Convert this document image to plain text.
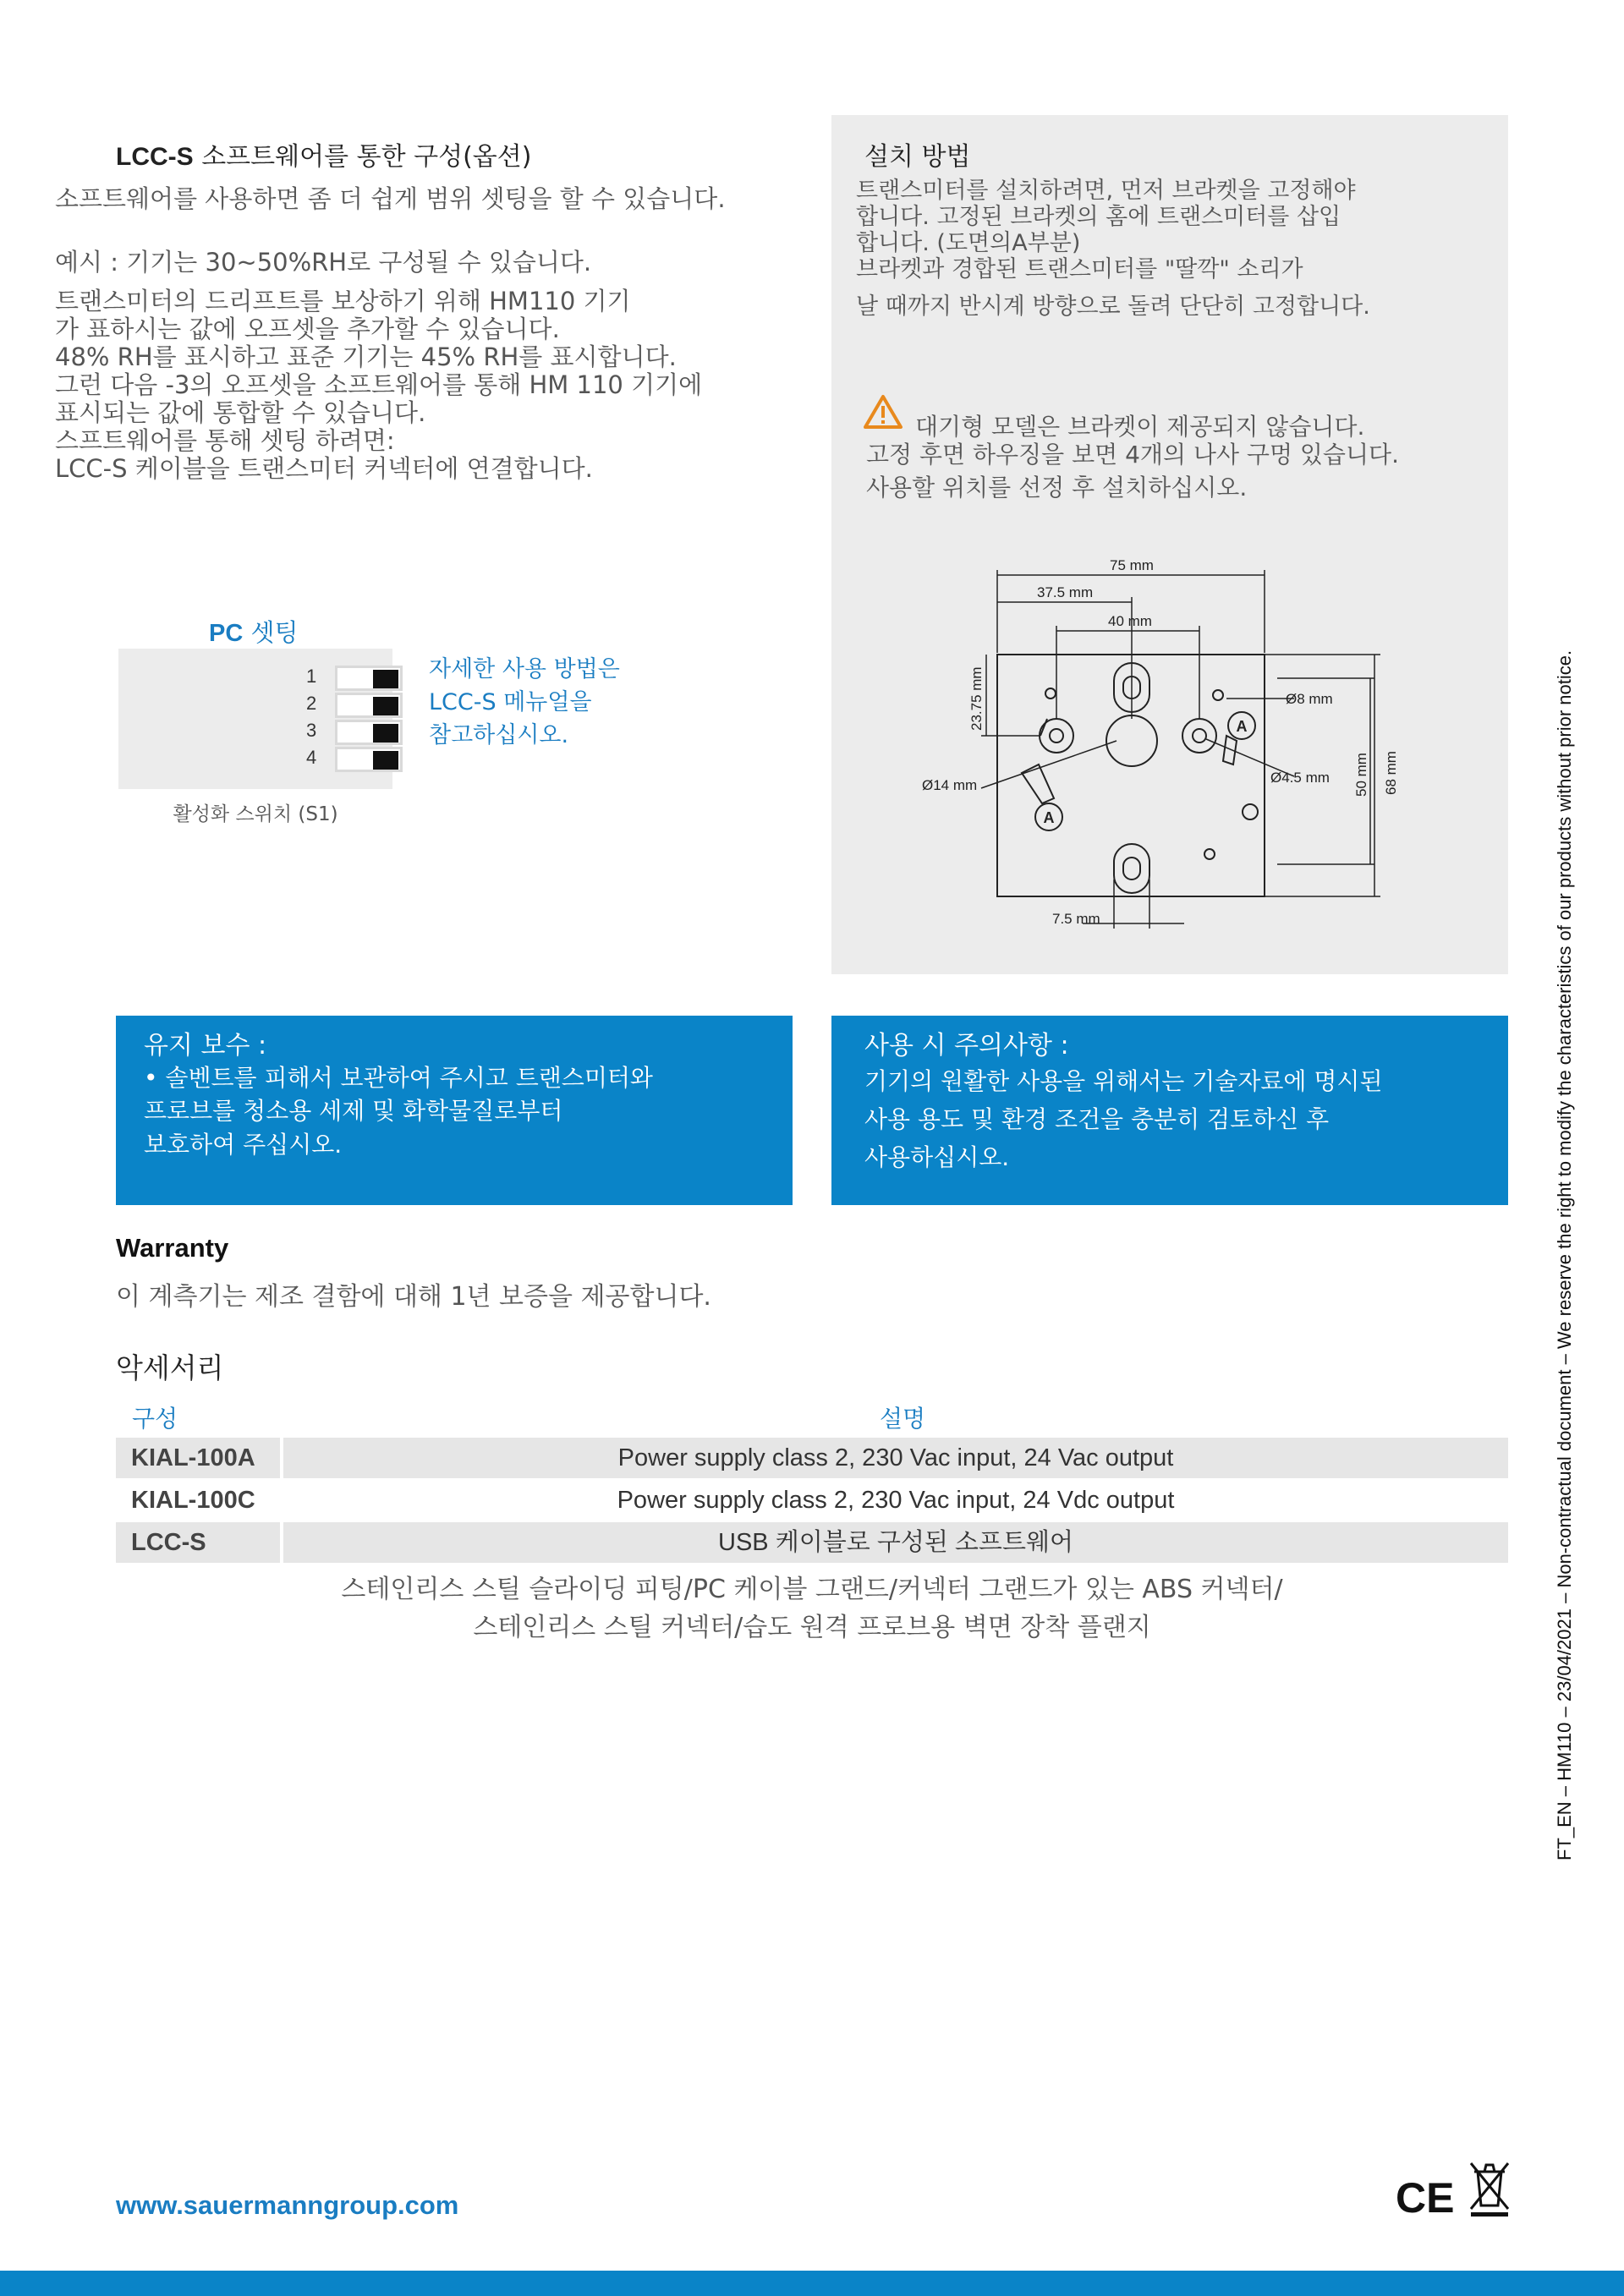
LCC-S 소프트웨어를 통한 구성(옵션)
소프트웨어를 사용하면 좀 더 쉽게 범위 셋팅을 할 수 있습니다.
예시 : 기기는 30~50%RH로 구성될 수 있습니다.
트랜스미터의 드리프트를 보상하기 위해 HM110 기기
가 표하시는 값에 오프셋을 추가할 수 있습니다.
48% RH를 표시하고 표준 기기는 45% RH를 표시합니다.
그런 다음 -3의 오프셋을 소프트웨어를 통해 HM 110 기기에
표시되는 값에 통합할 수 있습니다.
스프트웨어를 통해 셋팅 하려면:
LCC-S 케이블을 트랜스미터 커넥터에 연결합니다.
PC 셋팅
1
2
3
4
활성화 스위치 (S1)
자세한 사용 방법은
LCC-S 메뉴얼을
참고하십시오.
설치 방법
트랜스미터를 설치하려면, 먼저 브라켓을 고정해야
합니다. 고정된 브라켓의 홈에 트랜스미터를 삽입
합니다. (도면의A부분)
브라켓과 경합된 트랜스미터를 "딸깍" 소리가
날 때까지 반시계 방향으로 돌려 단단히 고정합니다.
대기형 모델은 브라켓이 제공되지 않습니다.
고정 후면 하우징을 보면 4개의 나사 구멍 있습니다.
사용할 위치를 선정 후 설치하십시오.
A
A
75 mm
37.5 mm
40 mm
23.75 mm	Ø8 mm
Ø14 mm	Ø4.5 mm 50 mm 68 mm
7.5 mm
유지 보수 :
• 솔벤트를 피해서 보관하여 주시고 트랜스미터와
프로브를 청소용 세제 및 화학물질로부터
보호하여 주십시오.
사용 시 주의사항 :
기기의 원활한 사용을 위해서는 기술자료에 명시된
사용 용도 및 환경 조건을 충분히 검토하신 후
사용하십시오.
Warranty
이 계측기는 제조 결함에 대해 1년 보증을 제공합니다.
악세서리
구성	설명
KIAL-100A	Power supply class 2, 230 Vac input, 24 Vac output
KIAL-100C	Power supply class 2, 230 Vac input, 24 Vdc output
LCC-S	USB 케이블로 구성된 소프트웨어
스테인리스 스틸 슬라이딩 피팅/PC 케이블 그랜드/커넥터 그랜드가 있는 ABS 커넥터/
스테인리스 스틸 커넥터/습도 원격 프로브용 벽면 장착 플랜지
www.sauermanngroup.com	CE
FT_EN – HM110 – 23/04/2021 – Non-contractual document – We reserve the right to modify the characteristics of our products without prior notice.
